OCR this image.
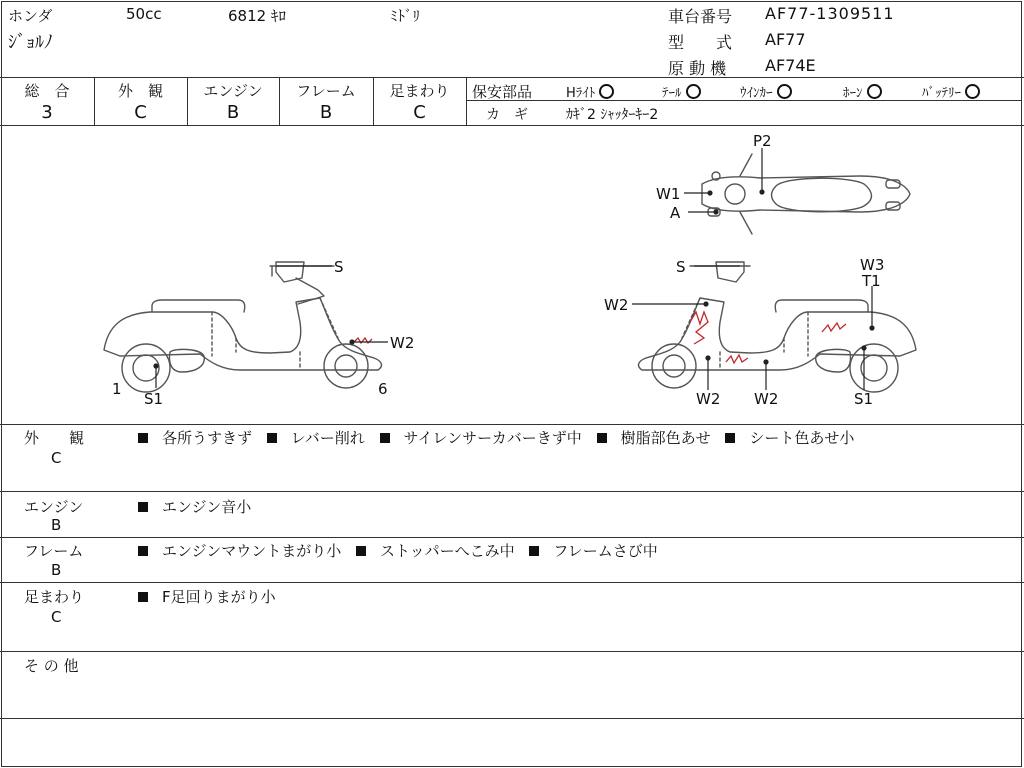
ホンダ	50cc	6812 ｷﾛ	ﾐﾄﾞﾘ
ｼﾞｮﾙﾉ
車台番号 AF77-1309511
型　　式 AF77
原 動 機 AF74E
総　合
3
外　観
C
エンジン
B
フレーム
B
足まわり
C
保安部品	Hﾗｲﾄ	ﾃｰﾙ	ｳｲﾝｶｰ	ﾎｰﾝ	ﾊﾞｯﾃﾘｰ
カ　ギ	ｶｷﾞ2 ｼｬｯﾀｰｷｰ2
S
W2
1	6
S1
P2
W1
A
S	W3
T1
W2
W2 W2	S1
外　　観
C
各所うすきず	レバー削れ	サイレンサーカバーきず中	樹脂部色あせ	シート色あせ小
エンジン
B
エンジン音小
フレーム
B
エンジンマウントまがり小	ストッパーへこみ中	フレームさび中
足まわり
C
F足回りまがり小
そ の 他
